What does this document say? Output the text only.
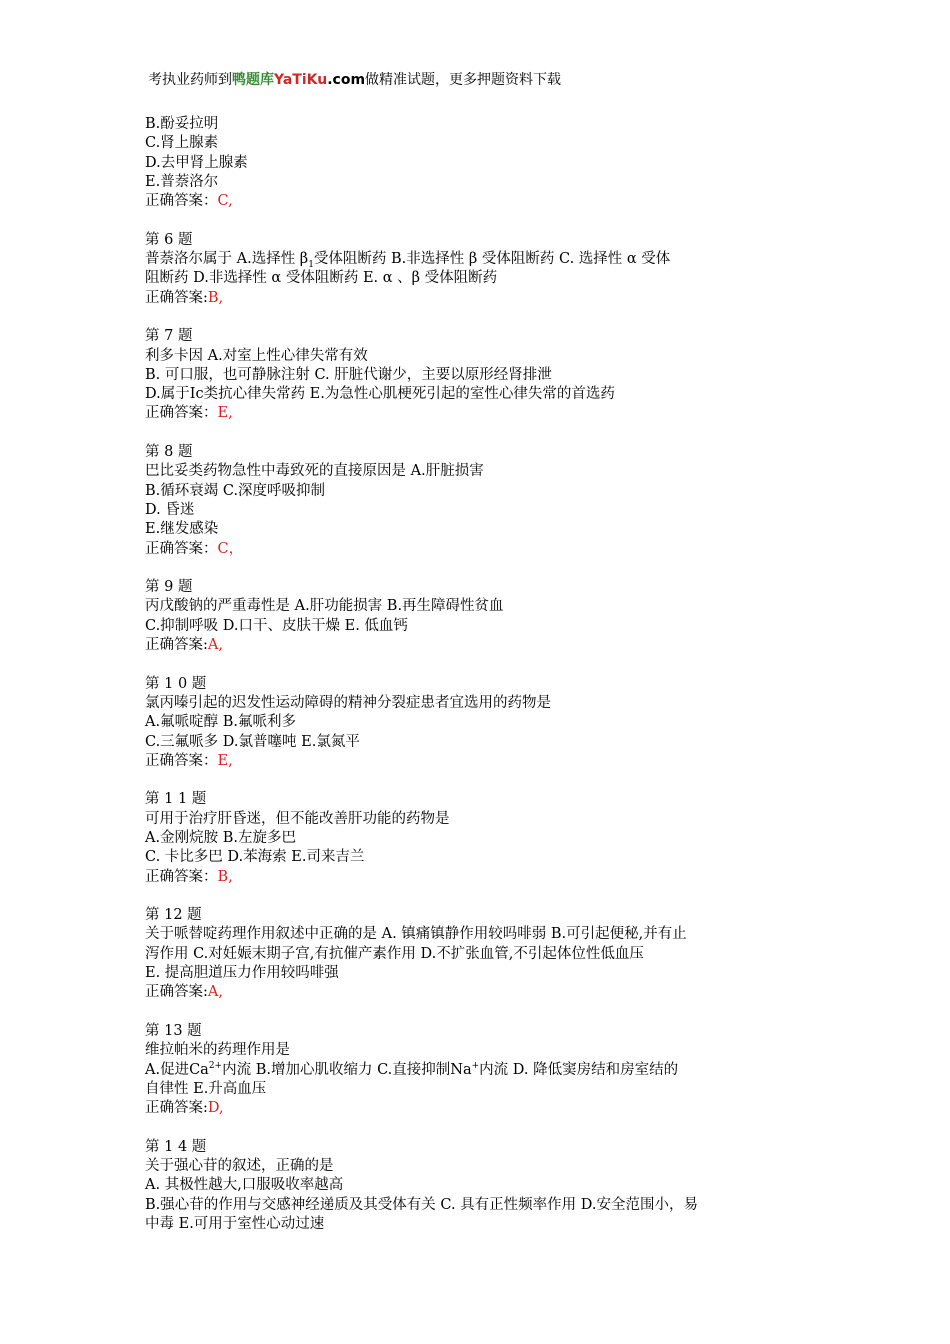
考执业药师到鸭题库YaTiKu.com做精准试题，更多押题资料下载
B.酚妥拉明
C.肾上腺素
D.去甲肾上腺素
E.普萘洛尔
正确答案：C,
第 6 题
普萘洛尔属于 A.选择性 $\beta_1$受体阻断药 B.非选择性 β 受体阻断药 C. 选择性 α 受体
阻断药 D.非选择性 α 受体阻断药 E. α 、β 受体阻断药
正确答案:B,
第 7 题
利多卡因 A.对室上性心律失常有效
B. 可口服，也可静脉注射 C. 肝脏代谢少，主要以原形经肾排泄
D.属于Ic类抗心律失常药 E.为急性心肌梗死引起的室性心律失常的首选药
正确答案：E,
第 8 题
巴比妥类药物急性中毒致死的直接原因是 A.肝脏损害
B.循环衰竭 C.深度呼吸抑制
D. 昏迷
E.继发感染
正确答案：C，
第 9 题
丙戊酸钠的严重毒性是 A.肝功能损害 B.再生障碍性贫血
C.抑制呼吸 D.口干、皮肤干燥 E. 低血钙
正确答案:A,
第 1 0 题
氯丙嗪引起的迟发性运动障碍的精神分裂症患者宜选用的药物是
A.氟哌啶醇 B.氟哌利多
C.三氟哌多 D.氯普噻吨 E.氯氮平
正确答案：E,
第 1 1 题
可用于治疗肝昏迷，但不能改善肝功能的药物是
A.金刚烷胺 B.左旋多巴
C. 卡比多巴 D.苯海索 E.司来吉兰
正确答案：B,
第 12 题
关于哌替啶药理作用叙述中正确的是 A. 镇痛镇静作用较吗啡弱 B.可引起便秘,并有止
泻作用 C.对妊娠末期子宫,有抗催产素作用 D.不扩张血管,不引起体位性低血压
E. 提高胆道压力作用较吗啡强
正确答案:A,
第 13 题
维拉帕米的药理作用是
A.促进$Ca^{2+}$内流 B.增加心肌收缩力 C.直接抑制Na+内流 D. 降低窦房结和房室结的
自律性 E.升高血压
正确答案:D,
第 1 4 题
关于强心苷的叙述，正确的是
A. 其极性越大,口服吸收率越高
B.强心苷的作用与交感神经递质及其受体有关 C. 具有正性频率作用 D.安全范围小，易
中毒 E.可用于室性心动过速
